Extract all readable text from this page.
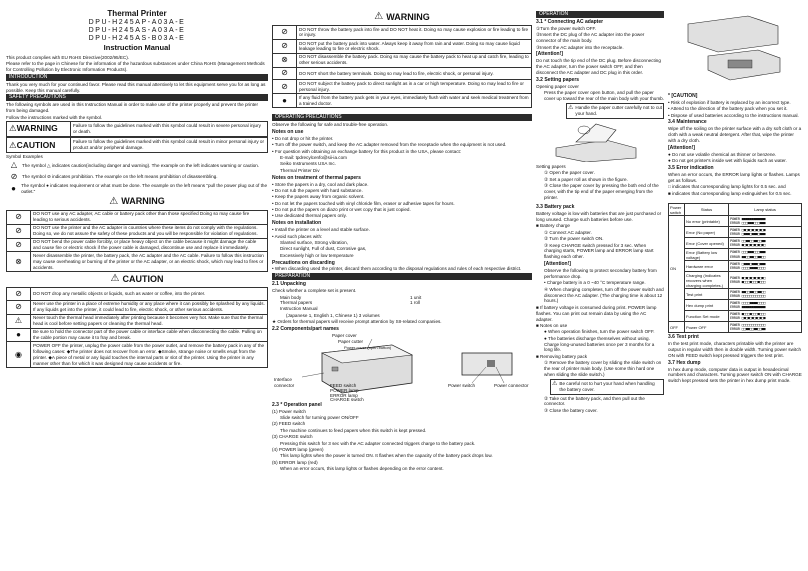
Thermal Printer
DPU-H245AP-A03A-E
DPU-H245AS-A03A-E
DPU-H245AS-B03A-E
Instruction Manual

This product complies with EU RoHS Directive(2002/95/EC).

Please refer to the page in Chinese for the information of the hazardous substances under China RoHS (Management Methods for Controlling Pollution by Electronic Information Products).

INTRODUCTION

Thank you very much for your continued favor. Please read this manual attentively to let this equipment serve you for as long as possible. Keep this manual carefully.

SAFETY PRECAUTIONS

The following symbols are used in this Instruction Manual in order to make use of the printer properly and prevent the printer from being damaged.

Follow the instructions marked with the symbol.

⚠ WARNING	Failure to follow the guidelines marked with this symbol could result in severe personal injury or death.
⚠ CAUTION	Failure to follow the guidelines marked with this symbol could result in minor personal injury or product and/or peripheral damage.

Symbol Examples

△	The symbol △ indicates caution(including danger and warning). The example on the left indicates warning or caution.
⊘	The symbol ⊘ indicates prohibition. The example on the left means prohibition of disassembling.
●	The symbol ● indicates requirement or what must be done. The example on the left means "pull the power plug out of the outlet."
⚠ WARNING
⊘	DO NOT use any AC adapter, AC cable or battery pack other than those specified Doing so may cause fire leading to serious accidents.
⊘	DO NOT use the printer and the AC adapter in countries where these items do not comply with the regulations. Doing so, we do not assure the safety of these products and you will be responsible for violation of regulations.
⊘	DO NOT bend the power cable forcibly, or place heavy object on the cable because it might damage the cable and cause fire or electric shock if the power cable is damaged, discontinue use and replace it immediately.
⊗	Never disassemble the printer, the battery pack, the AC adapter and the AC cable. Failure to follow this instruction may cause overheating or burning of the printer or the AC adapter, or an electric shock, which may lead to fires or accidents.
⚠ CAUTION
⊘	DO NOT drop any metallic objects or liquids, such as water or coffee, into the printer.
⊘	Never use the printer in a place of extreme humidity or any place where it can possibly be splashed by any liquids. If any liquids get into the printer, it could lead to fire, electric shock, or other serious accidents.
⚠	Never touch the thermal head immediately after printing because it becomes very hot. Make sure that the thermal head is cool before setting papers or cleaning the thermal head.
●	Be sure to hold the connector part of the power cable or interface cable when disconnecting the cable. Pulling on the cable portion may cause it to fray and break.
◉	POWER OFF the printer, unplug the power cable from the power outlet, and remove the battery pack in any of the following cases: ◆The printer does not recover from an error. ◆Smoke, strange noise or smells erupt from the printer. ◆A piece of metal or any liquid touches the internal parts or slot of the printer. Using the printer in any manner other than for which it was designed may cause accidents or fire.
⚠ WARNING
⊘	DO NOT throw the battery pack into fire and DO NOT heat it. Doing so may cause explosion or fire leading to fire or injury.
⊘	DO NOT put the battery pack into water. Always keep it away from rain and water. Doing so may cause liquid leakage leading to fire or electric shock.
⊗	DO NOT disassemble the battery pack. Doing so may cause the battery pack to heat up and catch fire, leading to other serious accidents.
⊘	DO NOT short the battery terminals. Doing so may lead to fire, electric shock, or personal injury.
⊘	DO NOT subject the battery pack to direct sunlight as in a car or high temperature. Doing so may lead to fire or personal injury.
●	If any fluid from the battery pack gets in your eyes, immediately flush with water and seek medical treatment from a trained doctor.
OPERATING PRECAUTIONS

Observe the following for safe and trouble-free operation.

Notes on use

• Do not drop or hit the printer.

• Turn off the power switch, and keep the AC adapter removed from the receptacle when the equipment is not used.

• For question with obtaining an exchange battery for this product in the USA, please contact:

E-mail: tpdrecylcenfo@sii-ia.com

Seiko Instruments USA Inc.

Thermal Printer Div

Notes on treatment of thermal papers

• Store the papers in a dry, cool and dark place.

• Do not rub the papers with hard substance.

• Keep the papers away from organic solvent.

• Do not let the papers touched with vinyl chloride film, eraser or adhesive tapes for hours.

• Do not put the papers on diazo print or wet copy that is just copied.

• Use dedicated thermal papers only.

Notes on installation

• Install the printer on a level and stable surface.

• Avoid such places with:

Slanted surface, Strong vibration,

Direct sunlight, Full of dust, Corrosive gas,

Excessively high or low temperature

Precautions on discarding

• When discarding used the printer, discard them according to the disposal regulations and rules of each respective district.

PREPARATION

2.1 Unpacking

Check whether a complete set is present.

Main body	1 unit
Thermal papers	1 roll
Instruction Manual

(Japanese 1, English 1, Chinese 1) 3 volumes

★ Orders for thermal papers will receive prompt attention by SII-related companies.

2.2 Components/part names

Paper cover
Paper cutter
Power cover (open button)
Interface connector	FEED switch
POWER lamp
ERROR lamp
CHARGE switch
Power switch	Power connector

2.3 * Operation panel

(1) Power switch

Slide switch for turning power ON/OFF

(2) FEED switch

The machine continues to feed papers when this switch is kept pressed.

(3) CHARGE switch

Pressing this switch for 3 sec with the AC adapter connected triggers charge to the battery pack.

(4) POWER lamp (green)

This lamp lights when the power is turned ON. It flashes when the capacity of the battery pack drops low.

(5) ERROR lamp (red)

When an error occurs, this lamp lights or flashes depending on the error content.

OPERATION

3.1 * Connecting AC adapter

①Turn the power switch OFF.

②Insert the DC plug of the AC adapter into the power connector of the main body.

③Insert the AC adapter into the receptacle.

[Attention!]

Do not touch the tip end of the DC plug. Before disconnecting the AC adapter, turn the power switch OFF, and then disconnect the AC adapter and DC plug in this order.

3.2 Setting papers

Opening paper cover

Press the paper cover open button, and pull the paper cover up toward the rear of the main body with your thumb.

⚠ Handle the paper cutter carefully not to cut your hand.

Setting papers

① Open the paper cover.

② Set a paper roll as shown in the figure.

③ Close the paper cover by pressing the both end of the cover, with the tip end of the paper emerging from the printer.

* [CAUTION]

• Risk of explosion if battery is replaced by an incorrect type.

• Attend to the direction of the battery pack when you set it.

• Dispose of used batteries according to the instructions manual.

3.4 Maintenance

Wipe off the soiling on the printer surface with a dry soft cloth or a cloth with a weak neutral detergent. After that, wipe the printer with a dry cloth.

[Attention!]

● Do not use volatile chemical as thinner or benzene.

● Do not get printer's inside wet with liquids such as water.

3.5 Error indication

When an error occurs, the ERROR lamp lights or flashes. Lamps get as follows.

□ indicates that corresponding lamp lights for 0.5 sec. and

■ indicates that corresponding lamp extinguishes for 0.5 sec.

3.3 Battery pack

Battery voltage is low with batteries that are just purchased or long unused. Charge such batteries before use.

■ Battery charge

① Connect AC adapter.

② Turn the power switch ON.

③ Keep CHARGE switch pressed for 3 sec. When charging starts, POWER lamp and ERROR lamp start flashing each other.

[Attention!]

Observe the following to protect secondary battery from performance drop.

• Charge battery in a 0 ~40 °C temperature range.

④ When charging completes, turn off the power switch and disconnect the AC adapter. (The charging time is about 12 hours.)

■ If battery voltage is consumed during print. POWER lamp flashes. You can print out remain data by using the AC adapter.

■ Notes on use

● When operation finishes, turn the power switch OFF.

● The batteries discharge themselves without using. Charge long-unused batteries once per 3 months for a long life.

■ Removing battery pack

① Remove the battery cover by sliding the slide switch on the rear of printer main body. (Use some thin hard one when sliding the slide switch.)

⚠ Be careful not to hurt your hand when handling the battery cover.

② Take out the battery pack, and then pull out the connector.

③ Close the battery cover.

Power switch	Status	Lamp status
ON	No error (printable)	POWER ■■■■■■■■■■■■
ERROR □□□■■■□□□■■■

	Error (No paper)	POWER □■□■□■□■□■□■
ERROR □■■■□■■■□■■■

	Error (Cover opened)	POWER □□■■□□■■□□■■
ERROR ■□■□■□■□■□■□

	Error (Battery low voltage)	POWER □□□■■■□□□■■■
ERROR ■■□□■■□□■■□□

	Hardware error	POWER □■■■□■■■□■■■
ERROR □□□□■■■■□□□□

	Charging (Indicates recovers when charging completes.)	POWER ■□■□■□■□■□■□
ERROR ■□□□■□□□■□□□

	Test print	POWER ■■□□■■□□■■□□
ERROR □□□□□□□□□□□□

	Hex dump print	POWER □□□□■■■■□□□□
ERROR ■■■■■■■■■■■■

	Function Set mode	POWER ■□□□■□□□■□□□
ERROR □■□■□■□■□■□■

OFF	Power OFF	POWER □□□□□□□□□□□□
ERROR □□■■□□■■□□■■

3.6 Test print

In the test print mode, characters printable with the printer are output in regular width then in double width. Turning power switch ON with FEED switch kept pressed triggers the test print.

3.7 Hex dump

In hex dump mode, computer data is output in hexadecimal numbers and characters. Turning power switch ON with CHARGE switch kept pressed sets the printer in hex dump print mode.
